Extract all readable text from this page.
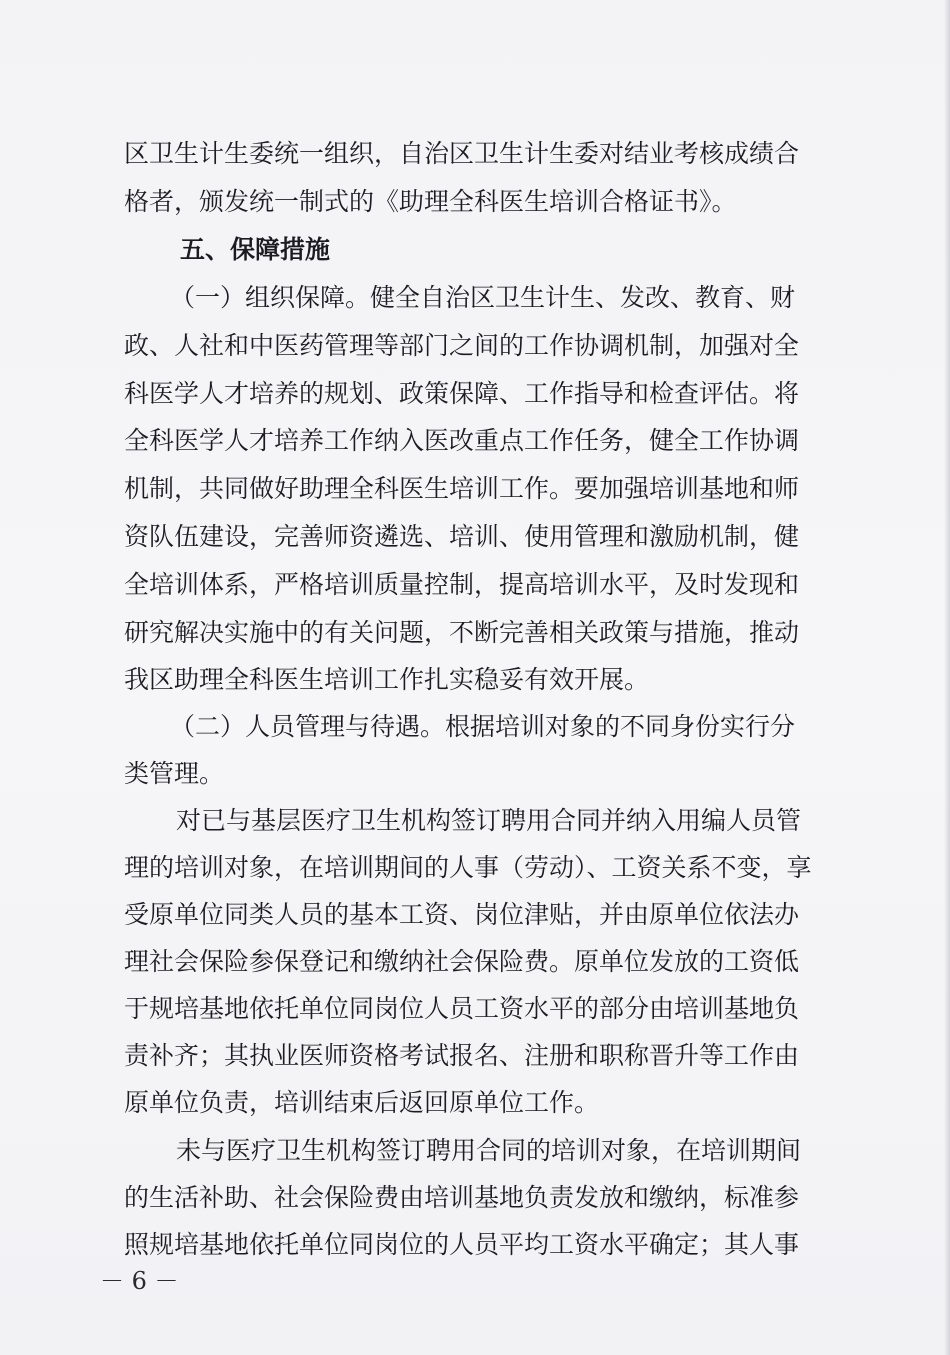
区卫生计生委统一组织，自治区卫生计生委对结业考核成绩合
格者，颁发统一制式的《助理全科医生培训合格证书》。
五、保障措施
（一）组织保障。健全自治区卫生计生、发改、教育、财
政、人社和中医药管理等部门之间的工作协调机制，加强对全
科医学人才培养的规划、政策保障、工作指导和检查评估。将
全科医学人才培养工作纳入医改重点工作任务，健全工作协调
机制，共同做好助理全科医生培训工作。要加强培训基地和师
资队伍建设，完善师资遴选、培训、使用管理和激励机制，健
全培训体系，严格培训质量控制，提高培训水平，及时发现和
研究解决实施中的有关问题，不断完善相关政策与措施，推动
我区助理全科医生培训工作扎实稳妥有效开展。
（二）人员管理与待遇。根据培训对象的不同身份实行分
类管理。
对已与基层医疗卫生机构签订聘用合同并纳入用编人员管
理的培训对象，在培训期间的人事（劳动）、工资关系不变，享
受原单位同类人员的基本工资、岗位津贴，并由原单位依法办
理社会保险参保登记和缴纳社会保险费。原单位发放的工资低
于规培基地依托单位同岗位人员工资水平的部分由培训基地负
责补齐；其执业医师资格考试报名、注册和职称晋升等工作由
原单位负责，培训结束后返回原单位工作。
未与医疗卫生机构签订聘用合同的培训对象，在培训期间
的生活补助、社会保险费由培训基地负责发放和缴纳，标准参
照规培基地依托单位同岗位的人员平均工资水平确定；其人事
－ 6 －
